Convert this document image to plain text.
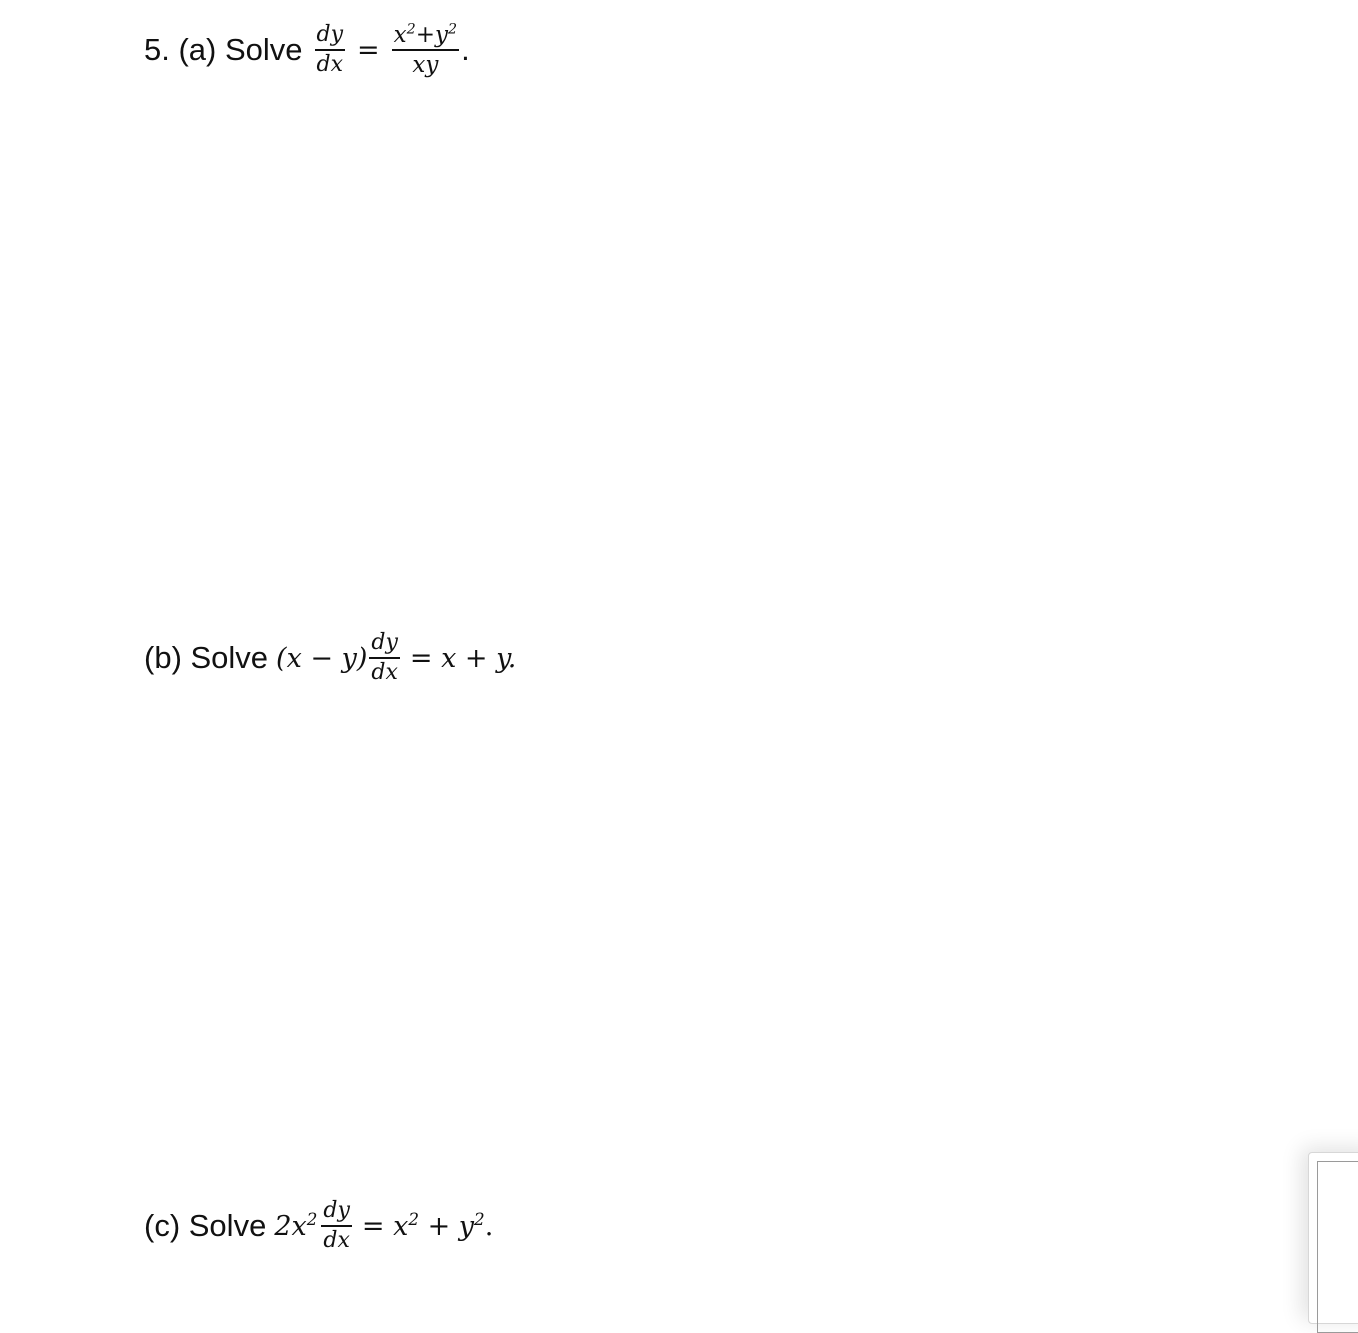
5. (a) Solve $\frac{dy}{dx} = \frac{x^2+y^2}{xy}$ .
(b) Solve $(x - y) \frac{dy}{dx} = x + y$.
(c) Solve $2x^2 \frac{dy}{dx} = x^2 + y^2$.
